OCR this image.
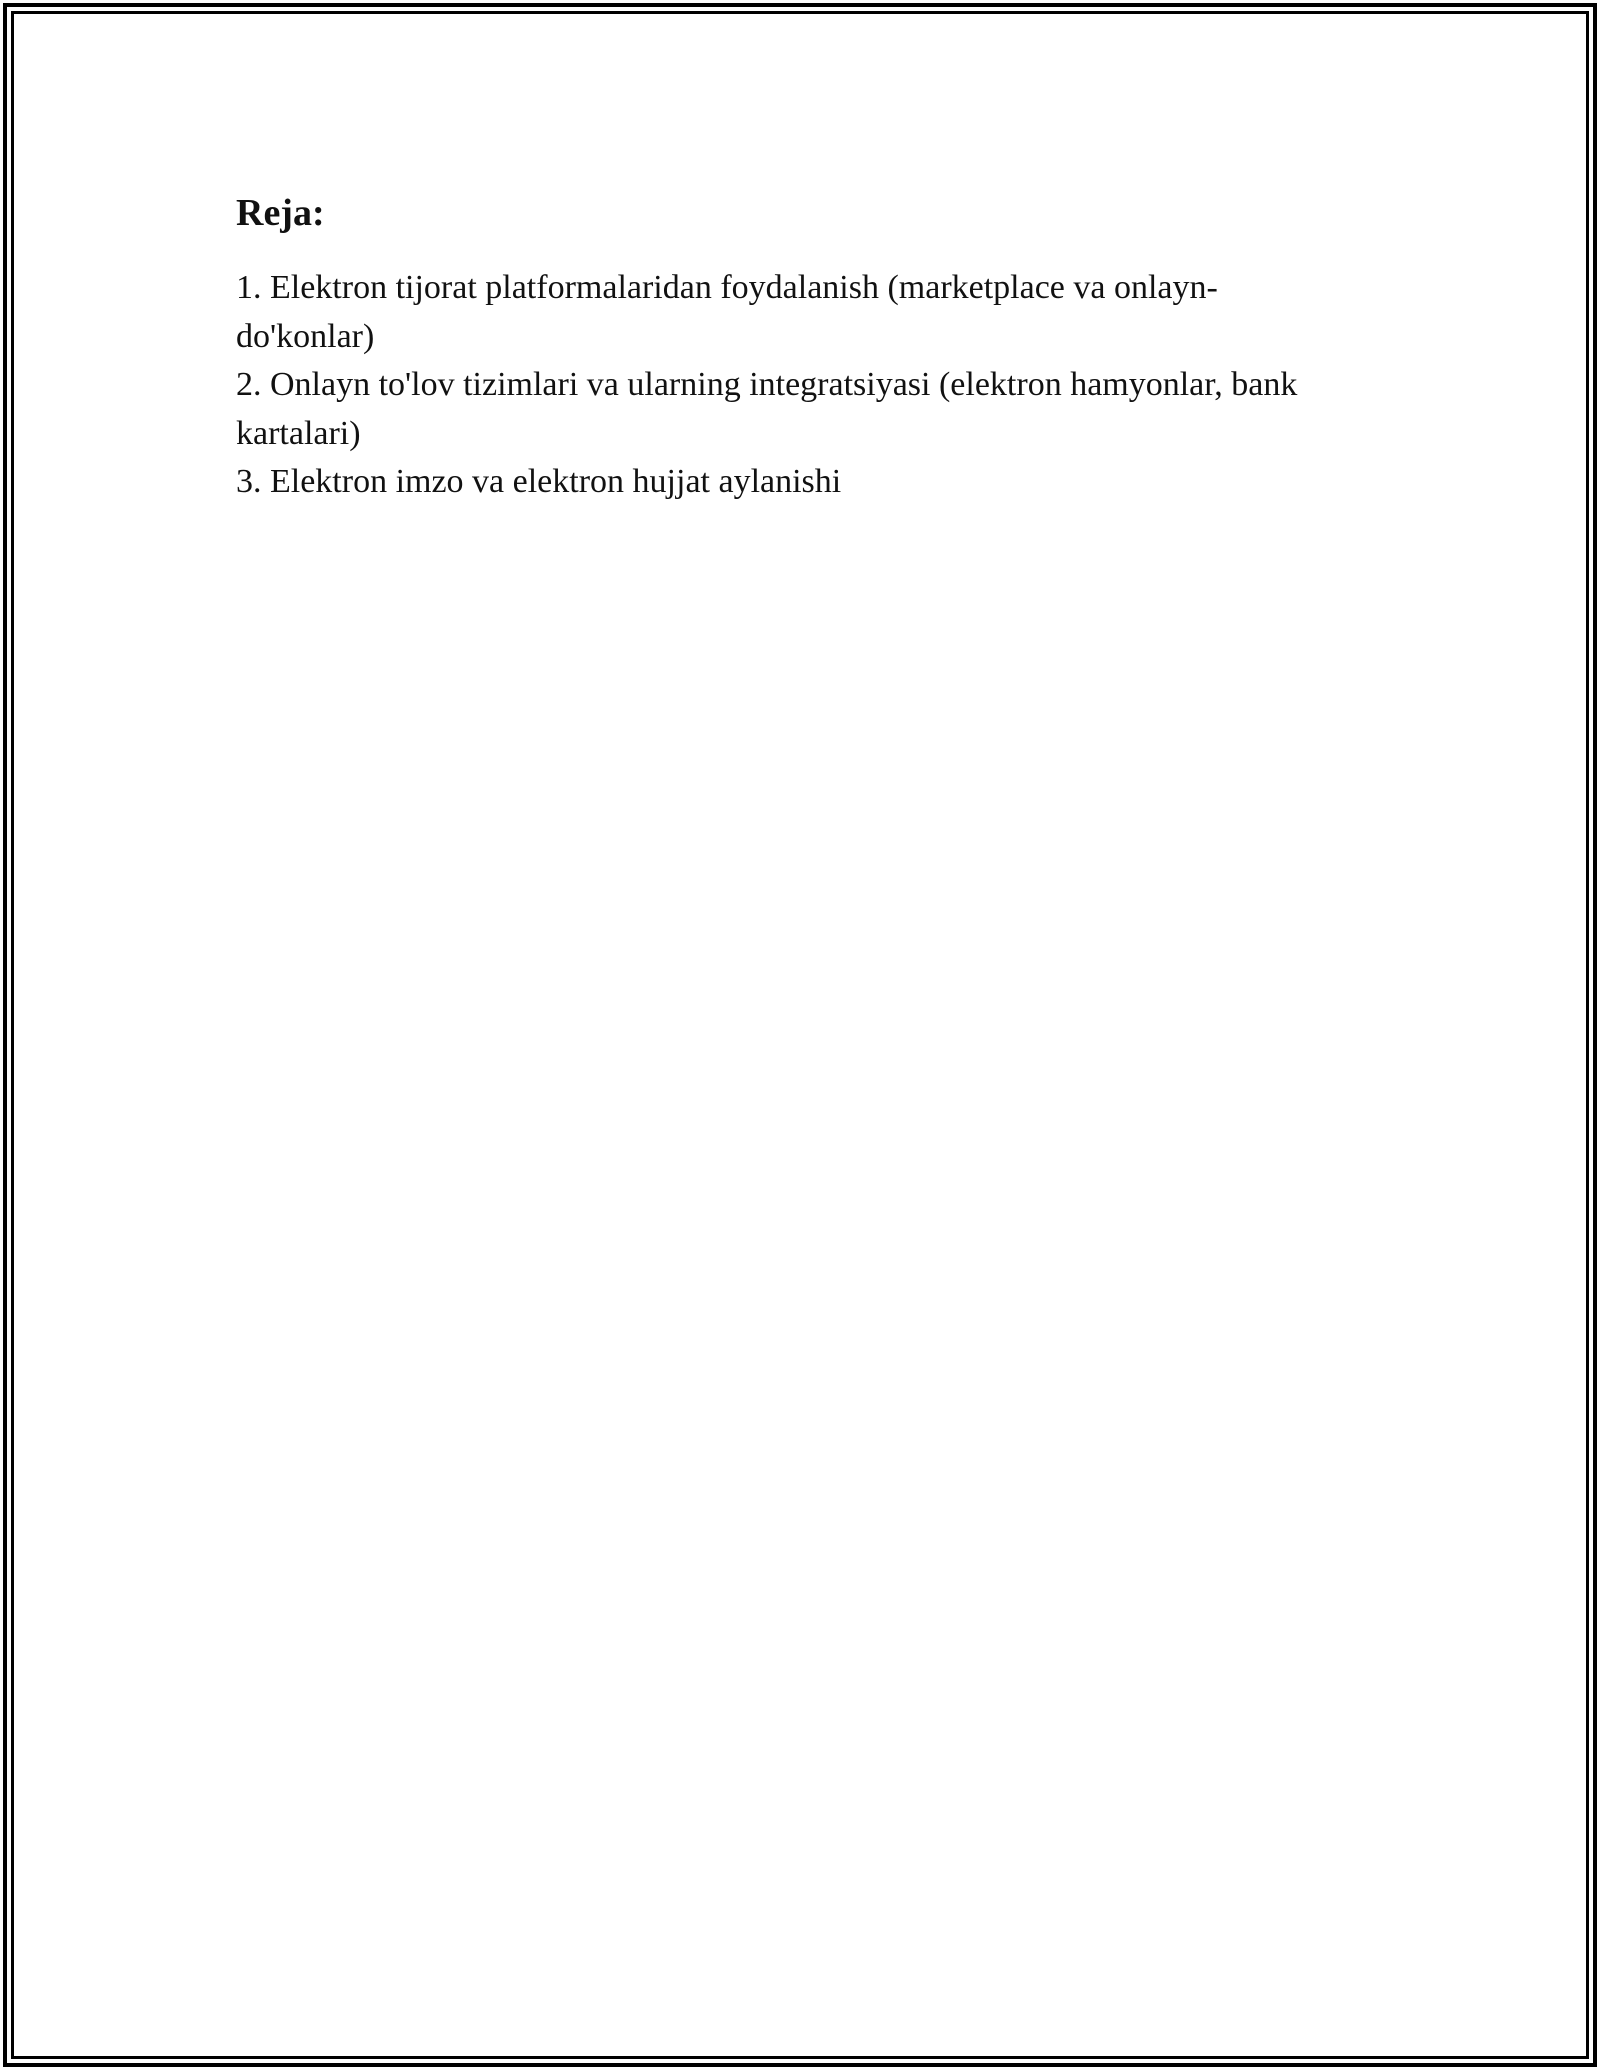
Reja:
1. Elektron tijorat platformalaridan foydalanish (marketplace va onlayn-do'konlar)
2. Onlayn to'lov tizimlari va ularning integratsiyasi (elektron hamyonlar, bank kartalari)
3. Elektron imzo va elektron hujjat aylanishi
